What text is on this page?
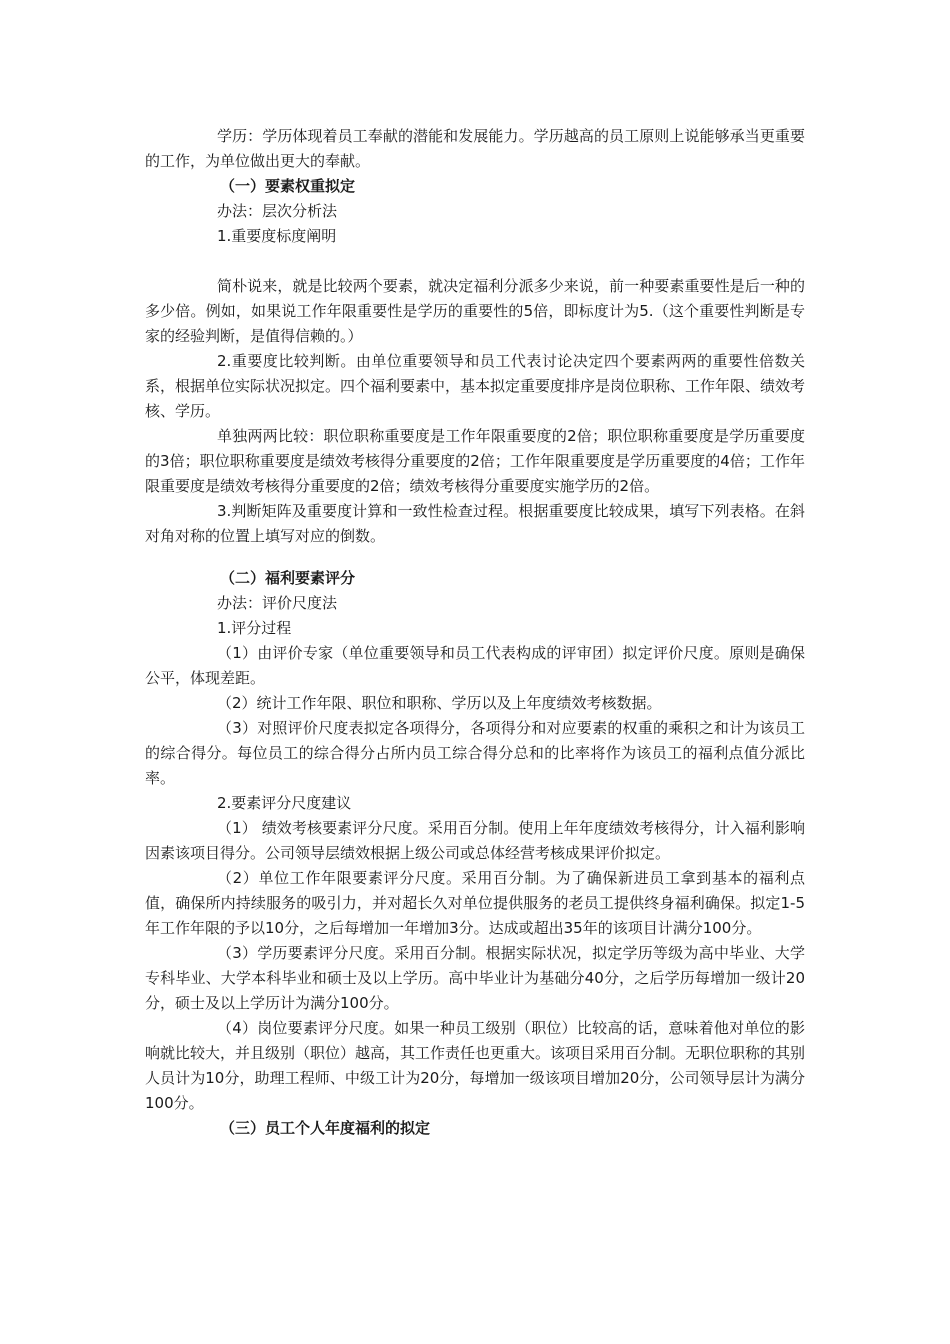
学历：学历体现着员工奉献的潜能和发展能力。学历越高的员工原则上说能够承当更重要的工作，为单位做出更大的奉献。

（一）要素权重拟定

办法：层次分析法

1.重要度标度阐明

简朴说来，就是比较两个要素，就决定福利分派多少来说，前一种要素重要性是后一种的多少倍。例如，如果说工作年限重要性是学历的重要性的5倍，即标度计为5.（这个重要性判断是专家的经验判断，是值得信赖的。）

2.重要度比较判断。由单位重要领导和员工代表讨论决定四个要素两两的重要性倍数关系，根据单位实际状况拟定。四个福利要素中，基本拟定重要度排序是岗位职称、工作年限、绩效考核、学历。

单独两两比较：职位职称重要度是工作年限重要度的2倍；职位职称重要度是学历重要度的3倍；职位职称重要度是绩效考核得分重要度的2倍；工作年限重要度是学历重要度的4倍；工作年限重要度是绩效考核得分重要度的2倍；绩效考核得分重要度实施学历的2倍。

3.判断矩阵及重要度计算和一致性检查过程。根据重要度比较成果，填写下列表格。在斜对角对称的位置上填写对应的倒数。

（二）福利要素评分

办法：评价尺度法

1.评分过程

（1）由评价专家（单位重要领导和员工代表构成的评审团）拟定评价尺度。原则是确保公平，体现差距。

（2）统计工作年限、职位和职称、学历以及上年度绩效考核数据。

（3）对照评价尺度表拟定各项得分，各项得分和对应要素的权重的乘积之和计为该员工的综合得分。每位员工的综合得分占所内员工综合得分总和的比率将作为该员工的福利点值分派比率。

2.要素评分尺度建议

（1） 绩效考核要素评分尺度。采用百分制。使用上年年度绩效考核得分，计入福利影响因素该项目得分。公司领导层绩效根据上级公司或总体经营考核成果评价拟定。

（2）单位工作年限要素评分尺度。采用百分制。为了确保新进员工拿到基本的福利点值，确保所内持续服务的吸引力，并对超长久对单位提供服务的老员工提供终身福利确保。拟定1-5年工作年限的予以10分，之后每增加一年增加3分。达成或超出35年的该项目计满分100分。

（3）学历要素评分尺度。采用百分制。根据实际状况，拟定学历等级为高中毕业、大学专科毕业、大学本科毕业和硕士及以上学历。高中毕业计为基础分40分，之后学历每增加一级计20分，硕士及以上学历计为满分100分。

（4）岗位要素评分尺度。如果一种员工级别（职位）比较高的话，意味着他对单位的影响就比较大，并且级别（职位）越高，其工作责任也更重大。该项目采用百分制。无职位职称的其别人员计为10分，助理工程师、中级工计为20分，每增加一级该项目增加20分，公司领导层计为满分100分。

（三）员工个人年度福利的拟定
